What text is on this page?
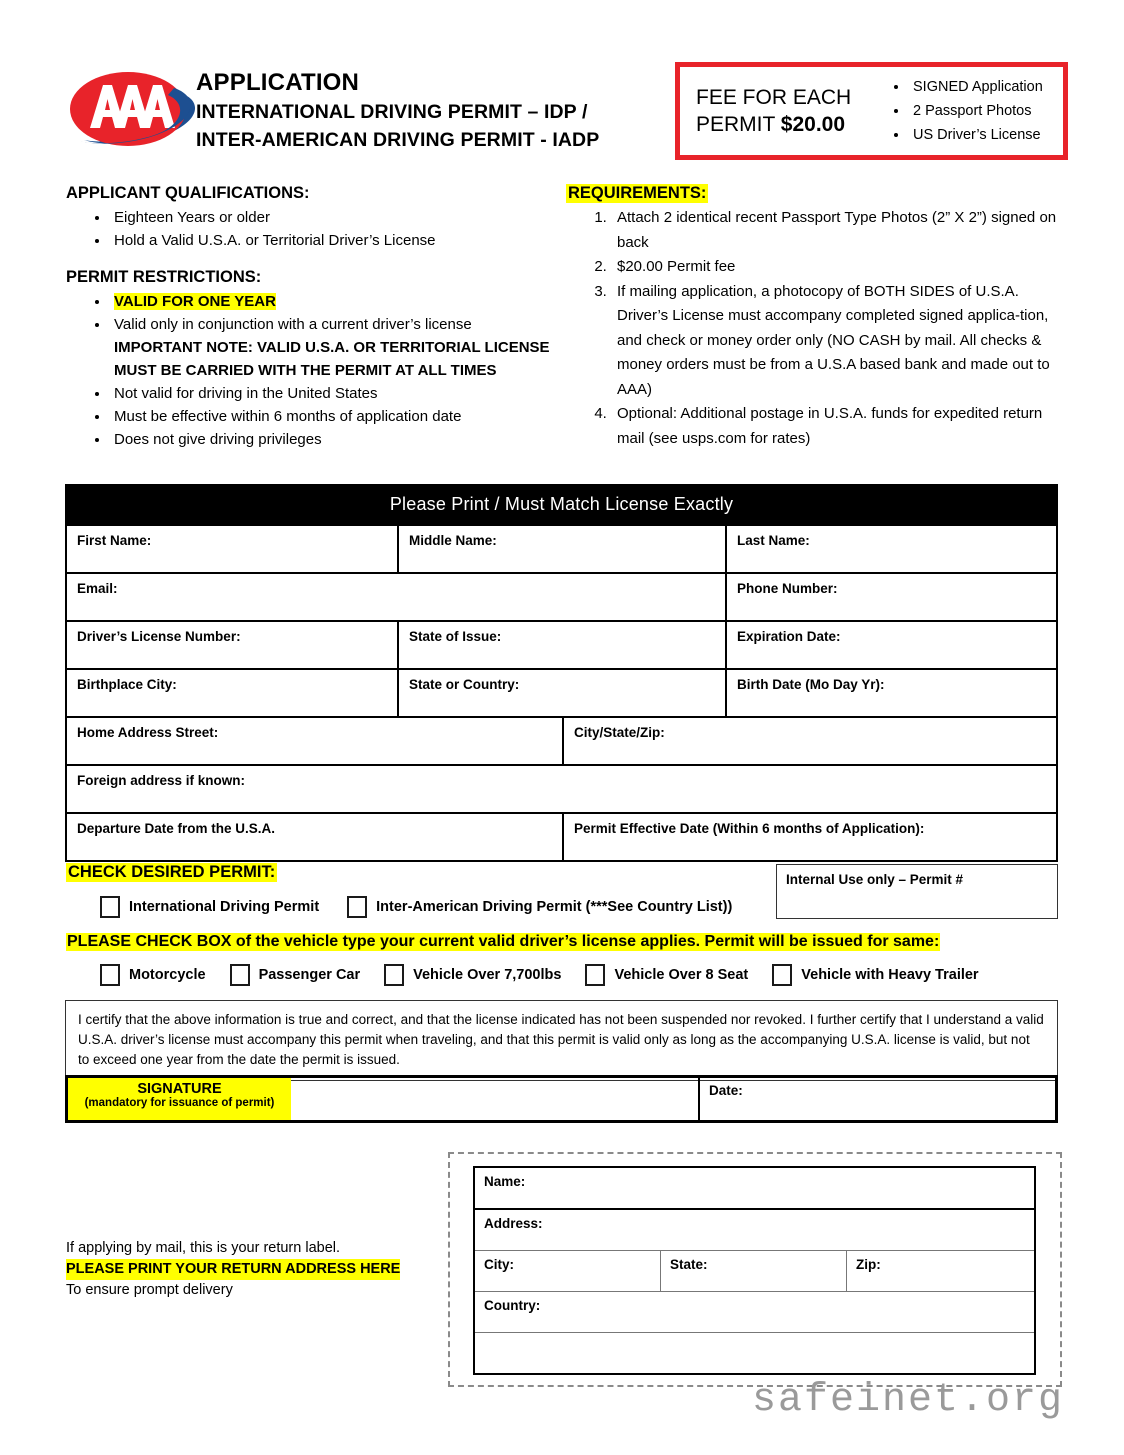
APPLICATION
INTERNATIONAL DRIVING PERMIT – IDP /
INTER-AMERICAN DRIVING PERMIT - IADP
FEE FOR EACH
PERMIT $20.00
• SIGNED Application
• 2 Passport Photos
• US Driver’s License
APPLICANT QUALIFICATIONS:
• Eighteen Years or older
• Hold a Valid U.S.A. or Territorial Driver’s License
PERMIT RESTRICTIONS:
• VALID FOR ONE YEAR
• Valid only in conjunction with a current driver’s license
IMPORTANT NOTE: VALID U.S.A. OR TERRITORIAL LICENSE
MUST BE CARRIED WITH THE PERMIT AT ALL TIMES
• Not valid for driving in the United States
• Must be effective within 6 months of application date
• Does not give driving privileges
REQUIREMENTS:
1. Attach 2 identical recent Passport Type Photos (2” X 2”) signed on back
2. $20.00 Permit fee
3. If mailing application, a photocopy of BOTH SIDES of U.S.A. Driver’s License must accompany completed signed applica-tion, and check or money order only (NO CASH by mail. All checks & money orders must be from a U.S.A based bank and made out to AAA)
4. Optional: Additional postage in U.S.A. funds for expedited return mail (see usps.com for rates)
Please Print / Must Match License Exactly
First Name:	Middle Name:	Last Name:
Email:	Phone Number:
Driver’s License Number:	State of Issue:	Expiration Date:
Birthplace City:	State or Country:	Birth Date (Mo Day Yr):
Home Address Street:	City/State/Zip:
Foreign address if known:
Departure Date from the U.S.A.	Permit Effective Date (Within 6 months of Application):
CHECK DESIRED PERMIT:
International Driving Permit	Inter-American Driving Permit (***See Country List))
Internal Use only – Permit #
PLEASE CHECK BOX of the vehicle type your current valid driver’s license applies. Permit will be issued for same:
Motorcycle	Passenger Car	Vehicle Over 7,700lbs	Vehicle Over 8 Seat	Vehicle with Heavy Trailer
I certify that the above information is true and correct, and that the license indicated has not been suspended nor revoked. I further certify that I understand a valid U.S.A. driver’s license must accompany this permit when traveling, and that this permit is valid only as long as the accompanying U.S.A. license is valid, but not to exceed one year from the date the permit is issued.
SIGNATURE
(mandatory for issuance of permit)
Date:
If applying by mail, this is your return label.
PLEASE PRINT YOUR RETURN ADDRESS HERE
To ensure prompt delivery
Name:
Address:
City:	State:	Zip:
Country:
safeinet.org
